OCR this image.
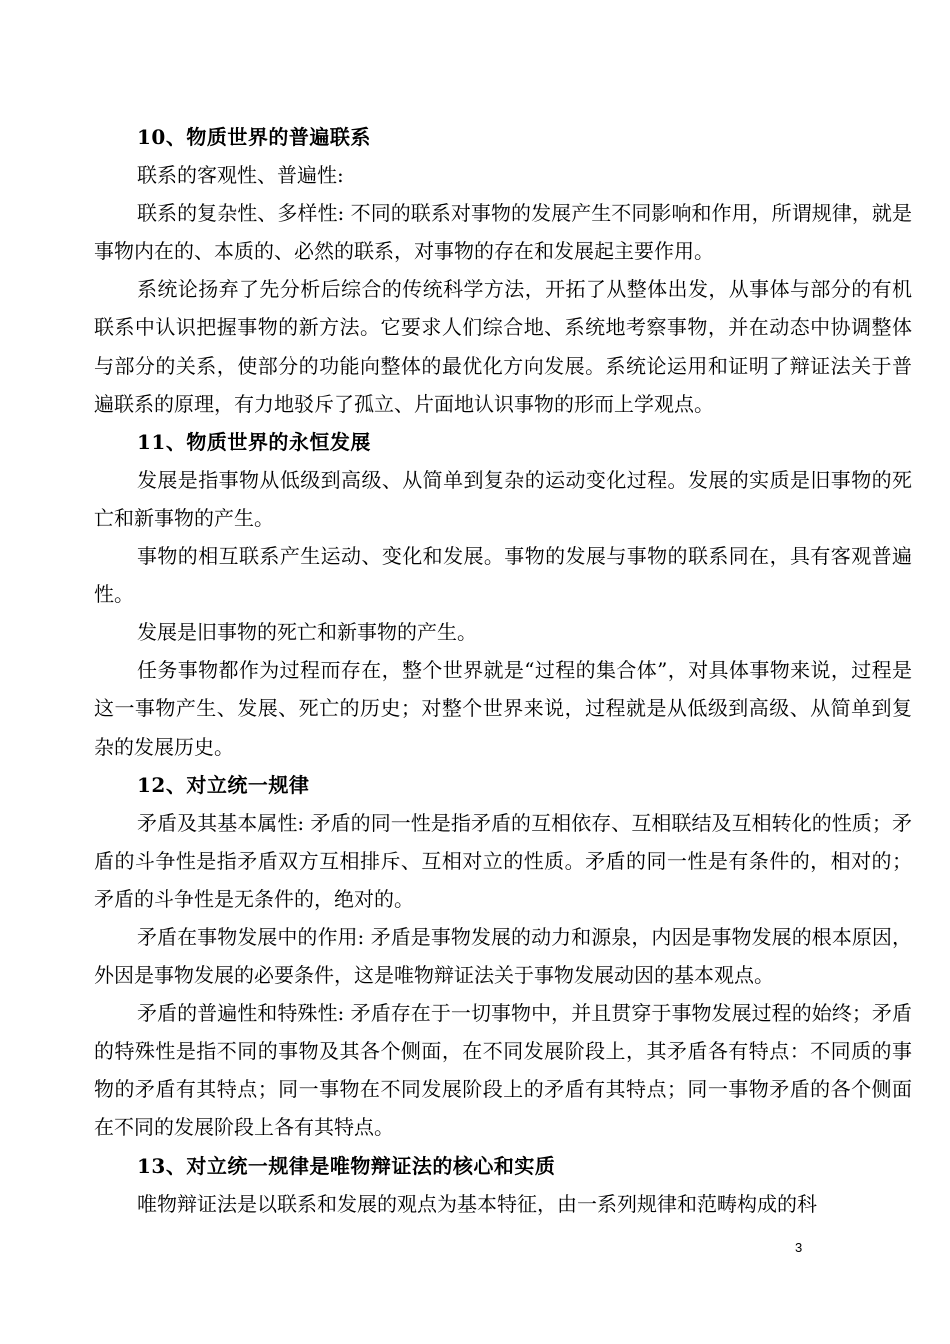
10、物质世界的普遍联系

联系的客观性、普遍性:

联系的复杂性、多样性: 不同的联系对事物的发展产生不同影响和作用，所谓规律，就是事物内在的、本质的、必然的联系，对事物的存在和发展起主要作用。

系统论扬弃了先分析后综合的传统科学方法，开拓了从整体出发，从事体与部分的有机联系中认识把握事物的新方法。它要求人们综合地、系统地考察事物，并在动态中协调整体与部分的关系，使部分的功能向整体的最优化方向发展。系统论运用和证明了辩证法关于普遍联系的原理，有力地驳斥了孤立、片面地认识事物的形而上学观点。

11、物质世界的永恒发展

发展是指事物从低级到高级、从简单到复杂的运动变化过程。发展的实质是旧事物的死亡和新事物的产生。

事物的相互联系产生运动、变化和发展。事物的发展与事物的联系同在，具有客观普遍性。

发展是旧事物的死亡和新事物的产生。

任务事物都作为过程而存在，整个世界就是“过程的集合体”，对具体事物来说，过程是这一事物产生、发展、死亡的历史；对整个世界来说，过程就是从低级到高级、从简单到复杂的发展历史。

12、对立统一规律

矛盾及其基本属性: 矛盾的同一性是指矛盾的互相依存、互相联结及互相转化的性质；矛盾的斗争性是指矛盾双方互相排斥、互相对立的性质。矛盾的同一性是有条件的，相对的；矛盾的斗争性是无条件的，绝对的。

矛盾在事物发展中的作用: 矛盾是事物发展的动力和源泉，内因是事物发展的根本原因，外因是事物发展的必要条件，这是唯物辩证法关于事物发展动因的基本观点。

矛盾的普遍性和特殊性: 矛盾存在于一切事物中，并且贯穿于事物发展过程的始终；矛盾的特殊性是指不同的事物及其各个侧面，在不同发展阶段上，其矛盾各有特点：不同质的事物的矛盾有其特点；同一事物在不同发展阶段上的矛盾有其特点；同一事物矛盾的各个侧面在不同的发展阶段上各有其特点。

13、对立统一规律是唯物辩证法的核心和实质

唯物辩证法是以联系和发展的观点为基本特征，由一系列规律和范畴构成的科

3
